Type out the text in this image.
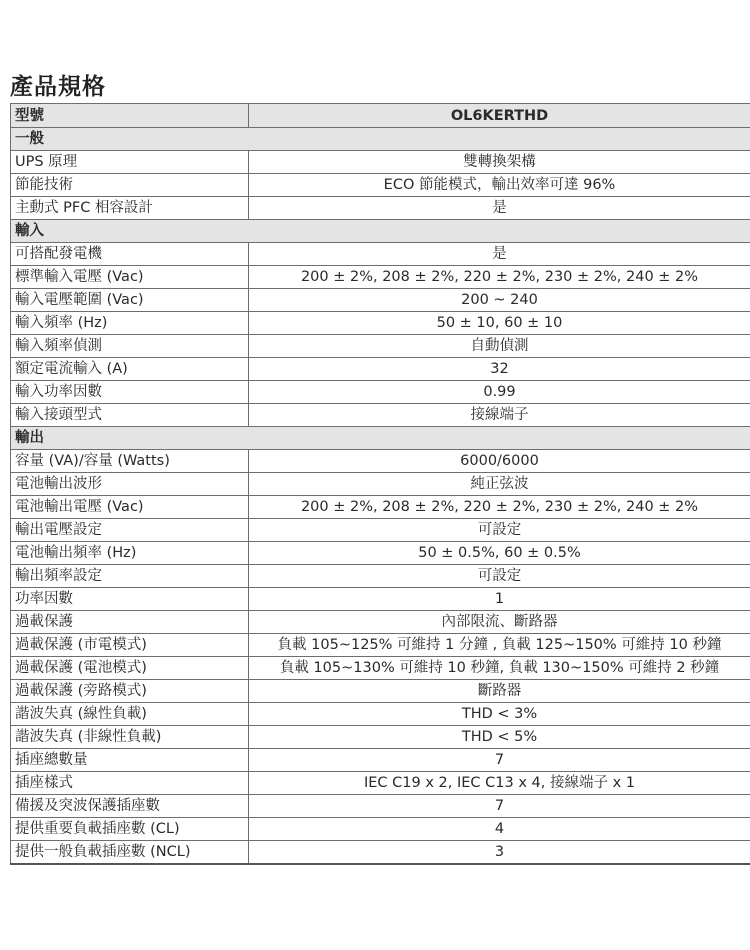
產品規格
型號	OL6KERTHD
一般	
UPS 原理	雙轉換架構
節能技術	ECO 節能模式，輸出效率可達 96%
主動式 PFC 相容設計	是
輸入	
可搭配發電機	是
標準輸入電壓 (Vac)	200 ± 2%, 208 ± 2%, 220 ± 2%, 230 ± 2%, 240 ± 2%
輸入電壓範圍 (Vac)	200 ~ 240
輸入頻率 (Hz)	50 ± 10, 60 ± 10
輸入頻率偵測	自動偵測
額定電流輸入 (A)	32
輸入功率因數	0.99
輸入接頭型式	接線端子
輸出	
容量 (VA)/容量 (Watts)	6000/6000
電池輸出波形	純正弦波
電池輸出電壓 (Vac)	200 ± 2%, 208 ± 2%, 220 ± 2%, 230 ± 2%, 240 ± 2%
輸出電壓設定	可設定
電池輸出頻率 (Hz)	50 ± 0.5%, 60 ± 0.5%
輸出頻率設定	可設定
功率因數	1
過載保護	內部限流、斷路器
過載保護 (市電模式)	負載 105~125% 可維持 1 分鐘 , 負載 125~150% 可維持 10 秒鐘
過載保護 (電池模式)	負載 105~130% 可維持 10 秒鐘, 負載 130~150% 可維持 2 秒鐘
過載保護 (旁路模式)	斷路器
諧波失真 (線性負載)	THD < 3%
諧波失真 (非線性負載)	THD < 5%
插座總數量	7
插座樣式	IEC C19 x 2, IEC C13 x 4, 接線端子 x 1
備援及突波保護插座數	7
提供重要負載插座數 (CL)	4
提供一般負載插座數 (NCL)	3
